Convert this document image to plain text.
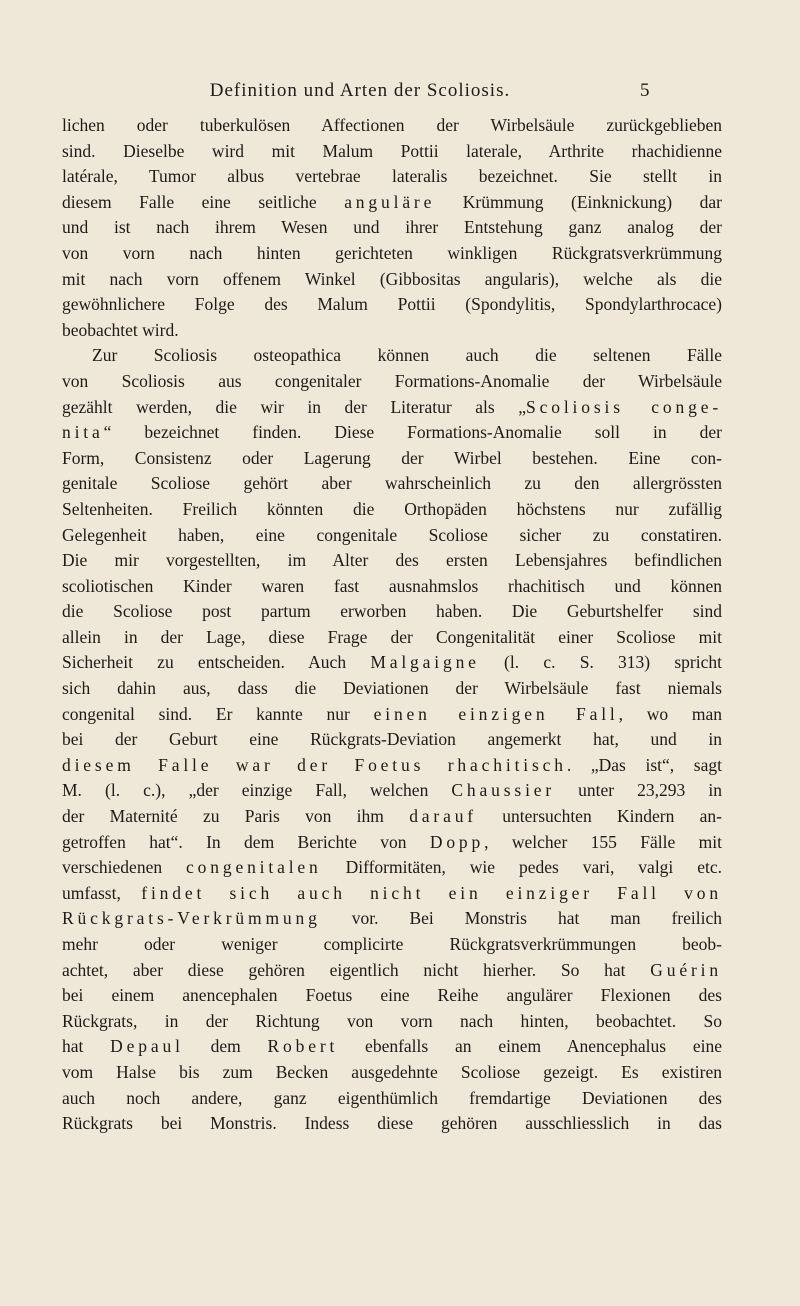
Definition und Arten der Scoliosis.	5
lichen oder tuberkulösen Affectionen der Wirbelsäule zurückgeblieben
sind. Dieselbe wird mit Malum Pottii laterale, Arthrite rhachidienne
latérale, Tumor albus vertebrae lateralis bezeichnet. Sie stellt in
diesem Falle eine seitliche anguläre Krümmung (Einknickung) dar
und ist nach ihrem Wesen und ihrer Entstehung ganz analog der
von vorn nach hinten gerichteten winkligen Rückgratsverkrümmung
mit nach vorn offenem Winkel (Gibbositas angularis), welche als die
gewöhnlichere Folge des Malum Pottii (Spondylitis, Spondylarthrocace)
beobachtet wird.
Zur Scoliosis osteopathica können auch die seltenen Fälle
von Scoliosis aus congenitaler Formations-Anomalie der Wirbelsäule
gezählt werden, die wir in der Literatur als „Scoliosis conge-
nita“ bezeichnet finden. Diese Formations-Anomalie soll in der
Form, Consistenz oder Lagerung der Wirbel bestehen. Eine con-
genitale Scoliose gehört aber wahrscheinlich zu den allergrössten
Seltenheiten. Freilich könnten die Orthopäden höchstens nur zufällig
Gelegenheit haben, eine congenitale Scoliose sicher zu constatiren.
Die mir vorgestellten, im Alter des ersten Lebensjahres befindlichen
scoliotischen Kinder waren fast ausnahmslos rhachitisch und können
die Scoliose post partum erworben haben. Die Geburtshelfer sind
allein in der Lage, diese Frage der Congenitalität einer Scoliose mit
Sicherheit zu entscheiden. Auch Malgaigne (l. c. S. 313) spricht
sich dahin aus, dass die Deviationen der Wirbelsäule fast niemals
congenital sind. Er kannte nur einen einzigen Fall, wo man
bei der Geburt eine Rückgrats-Deviation angemerkt hat, und in
diesem Falle war der Foetus rhachitisch. „Das ist“, sagt
M. (l. c.), „der einzige Fall, welchen Chaussier unter 23,293 in
der Maternité zu Paris von ihm darauf untersuchten Kindern an-
getroffen hat“. In dem Berichte von Dopp, welcher 155 Fälle mit
verschiedenen congenitalen Difformitäten, wie pedes vari, valgi etc.
umfasst, findet sich auch nicht ein einziger Fall von
Rückgrats-Verkrümmung vor. Bei Monstris hat man freilich
mehr oder weniger complicirte Rückgratsverkrümmungen beob-
achtet, aber diese gehören eigentlich nicht hierher. So hat Guérin
bei einem anencephalen Foetus eine Reihe angulärer Flexionen des
Rückgrats, in der Richtung von vorn nach hinten, beobachtet. So
hat Depaul dem Robert ebenfalls an einem Anencephalus eine
vom Halse bis zum Becken ausgedehnte Scoliose gezeigt. Es existiren
auch noch andere, ganz eigenthümlich fremdartige Deviationen des
Rückgrats bei Monstris. Indess diese gehören ausschliesslich in das
